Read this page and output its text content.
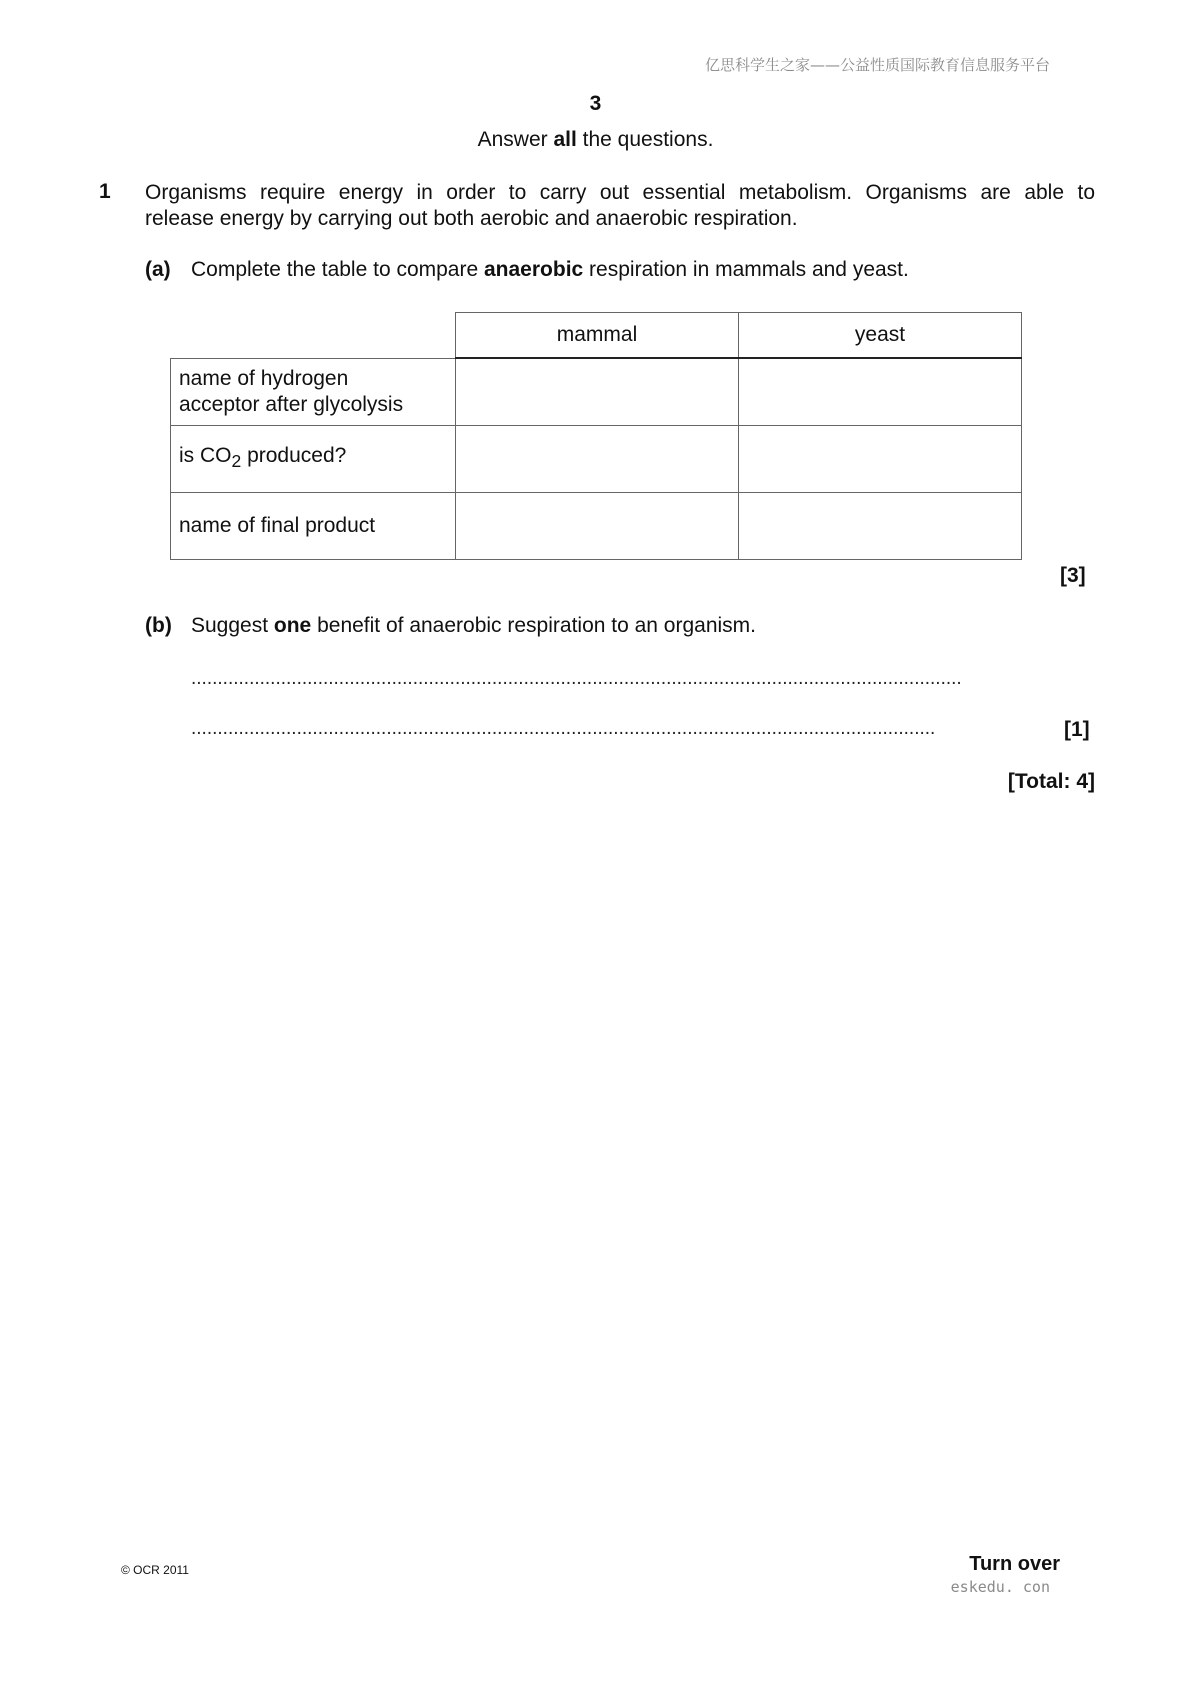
亿思科学生之家——公益性质国际教育信息服务平台
3
Answer all the questions.
1 Organisms require energy in order to carry out essential metabolism. Organisms are able to
release energy by carrying out both aerobic and anaerobic respiration.
(a) Complete the table to compare anaerobic respiration in mammals and yeast.
	mammal	yeast
name of hydrogen
acceptor after glycolysis		
is $CO_2$ produced?		
name of final product		
[3]
(b) Suggest one benefit of anaerobic respiration to an organism.
..................................................................................................................................................
.............................................................................................................................................	[1]
[Total: 4]
© OCR 2011	Turn over
eskedu. con
